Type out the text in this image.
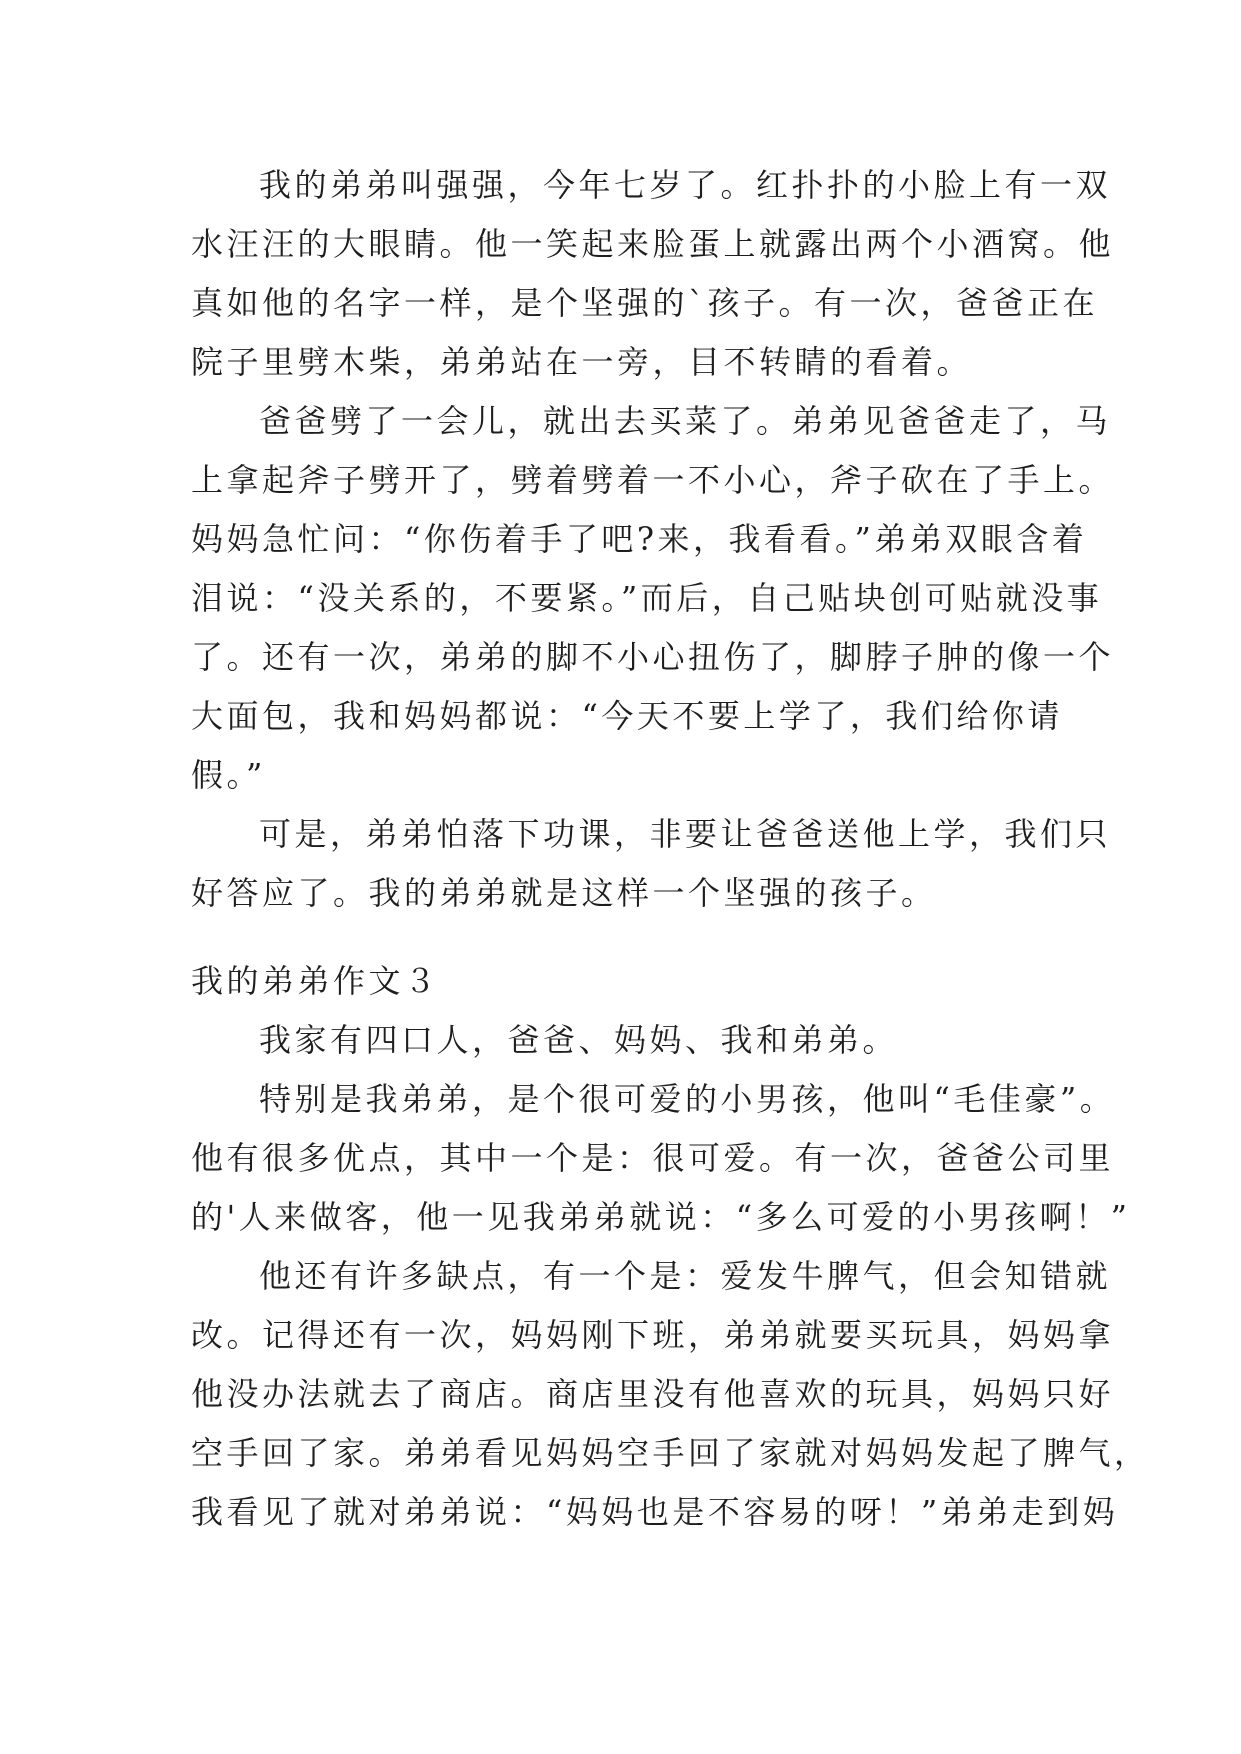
我的弟弟叫强强，今年七岁了。红扑扑的小脸上有一双
水汪汪的大眼睛。他一笑起来脸蛋上就露出两个小酒窝。他
真如他的名字一样，是个坚强的`孩子。有一次，爸爸正在
院子里劈木柴，弟弟站在一旁，目不转睛的看着。
爸爸劈了一会儿，就出去买菜了。弟弟见爸爸走了，马
上拿起斧子劈开了，劈着劈着一不小心，斧子砍在了手上。
妈妈急忙问：“你伤着手了吧?来，我看看。”弟弟双眼含着
泪说：“没关系的，不要紧。”而后，自己贴块创可贴就没事
了。还有一次，弟弟的脚不小心扭伤了，脚脖子肿的像一个
大面包，我和妈妈都说：“今天不要上学了，我们给你请
假。”
可是，弟弟怕落下功课，非要让爸爸送他上学，我们只
好答应了。我的弟弟就是这样一个坚强的孩子。
我的弟弟作文３
我家有四口人，爸爸、妈妈、我和弟弟。
特别是我弟弟，是个很可爱的小男孩，他叫“毛佳豪”。
他有很多优点，其中一个是：很可爱。有一次，爸爸公司里
的'人来做客，他一见我弟弟就说：“多么可爱的小男孩啊！”
他还有许多缺点，有一个是：爱发牛脾气，但会知错就
改。记得还有一次，妈妈刚下班，弟弟就要买玩具，妈妈拿
他没办法就去了商店。商店里没有他喜欢的玩具，妈妈只好
空手回了家。弟弟看见妈妈空手回了家就对妈妈发起了脾气，
我看见了就对弟弟说：“妈妈也是不容易的呀！”弟弟走到妈
